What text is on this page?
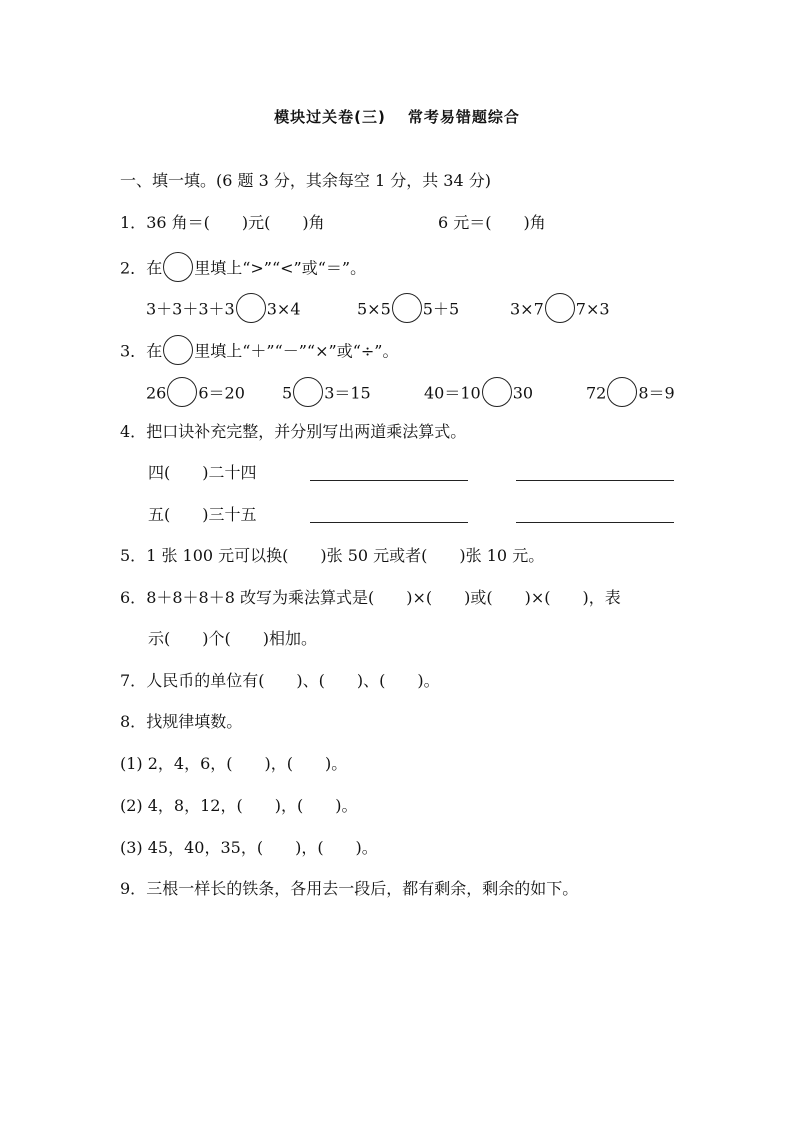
模块过关卷(三) 常考易错题综合
一、填一填。(6 题 3 分，其余每空 1 分，共 34 分)
1．36 角＝(　　)元(　　)角	6 元＝(　　)角
2．在 里填上“>”“<”或“＝”。
3＋3＋3＋3 3×4	5×5 5＋5	3×7 7×3
3．在 里填上“＋”“－”“×”或“÷”。
26 6＝20 5 3＝15	40＝10 30	72 8＝9
4．把口诀补充完整，并分别写出两道乘法算式。
四(　　)二十四
五(　　)三十五
5．1 张 100 元可以换(　　)张 50 元或者(　　)张 10 元。
6．8＋8＋8＋8 改写为乘法算式是(　　)×(　　)或(　　)×(　　)，表
示(　　)个(　　)相加。
7．人民币的单位有(　　)、(　　)、(　　)。
8．找规律填数。
(1) 2，4，6，(　　)，(　　)。
(2) 4，8，12，(　　)，(　　)。
(3) 45，40，35，(　　)，(　　)。
9．三根一样长的铁条，各用去一段后，都有剩余，剩余的如下。
